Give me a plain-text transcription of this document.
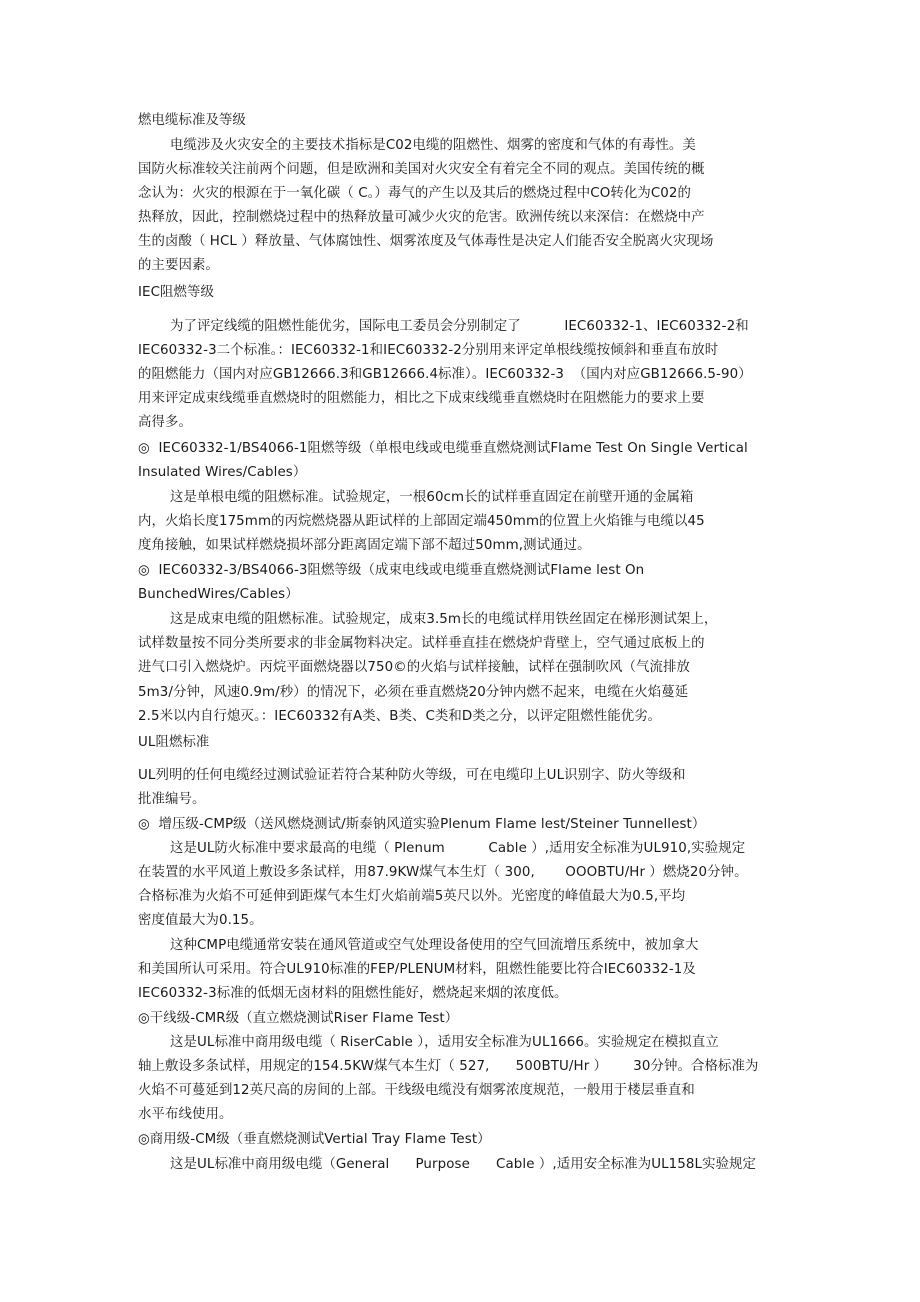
燃电缆标准及等级
电缆涉及火灾安全的主要技术指标是C02电缆的阻燃性、烟雾的密度和气体的有毒性。美
国防火标准较关注前两个问题，但是欧洲和美国对火灾安全有着完全不同的观点。美国传统的概
念认为：火灾的根源在于一氧化碳（ C。）毒气的产生以及其后的燃烧过程中CO转化为C02的
热释放，因此，控制燃烧过程中的热释放量可减少火灾的危害。欧洲传统以来深信：在燃烧中产
生的卤酸（ HCL ）释放量、气体腐蚀性、烟雾浓度及气体毒性是决定人们能否安全脱离火灾现场
的主要因素。
IEC阻燃等级
为了评定线缆的阻燃性能优劣，国际电工委员会分别制定了          IEC60332-1、IEC60332-2和
IEC60332-3二个标准。：IEC60332-1和IEC60332-2分别用来评定单根线缆按倾斜和垂直布放时
的阻燃能力（国内对应GB12666.3和GB12666.4标准）。IEC60332-3  （国内对应GB12666.5-90）
用来评定成束线缆垂直燃烧时的阻燃能力，相比之下成束线缆垂直燃烧时在阻燃能力的要求上要
高得多。
◎  IEC60332-1/BS4066-1阻燃等级（单根电线或电缆垂直燃烧测试Flame Test On Single Vertical
Insulated Wires/Cables）
这是单根电缆的阻燃标准。试验规定，一根60cm长的试样垂直固定在前壁开通的金属箱
内，火焰长度175mm的丙烷燃烧器从距试样的上部固定端450mm的位置上火焰锥与电缆以45
度角接触，如果试样燃烧损坏部分距离固定端下部不超过50mm,测试通过。
◎  IEC60332-3/BS4066-3阻燃等级（成束电线或电缆垂直燃烧测试Flame lest On
BunchedWires/Cables）
这是成束电缆的阻燃标准。试验规定，成束3.5m长的电缆试样用铁丝固定在梯形测试架上，
试样数量按不同分类所要求的非金属物料决定。试样垂直挂在燃烧炉背壁上，空气通过底板上的
进气口引入燃烧炉。丙烷平面燃烧器以750©的火焰与试样接触，试样在强制吹风（气流排放
5m3/分钟，风速0.9m/秒）的情况下，必须在垂直燃烧20分钟内燃不起来，电缆在火焰蔓延
2.5米以内自行熄灭。：IEC60332有A类、B类、C类和D类之分，以评定阻燃性能优劣。
UL阻燃标准
UL列明的任何电缆经过测试验证若符合某种防火等级，可在电缆印上UL识别字、防火等级和
批准编号。
◎  增压级-CMP级（送风燃烧测试/斯泰钠风道实验Plenum Flame lest/Steiner Tunnellest）
这是UL防火标准中要求最高的电缆（ Plenum          Cable ）,适用安全标准为UL910,实验规定
在装置的水平风道上敷设多条试样，用87.9KW煤气本生灯（ 300,       OOOBTU/Hr ）燃烧20分钟。
合格标准为火焰不可延伸到距煤气本生灯火焰前端5英尺以外。光密度的峰值最大为0.5,平均
密度值最大为0.15。
这种CMP电缆通常安装在通风管道或空气处理设备使用的空气回流增压系统中，被加拿大
和美国所认可采用。符合UL910标准的FEP/PLENUM材料，阻燃性能要比符合IEC60332-1及
IEC60332-3标准的低烟无卤材料的阻燃性能好，燃烧起来烟的浓度低。
◎干线级-CMR级（直立燃烧测试Riser Flame Test）
这是UL标准中商用级电缆（ RiserCable ），适用安全标准为UL1666。实验规定在模拟直立
轴上敷设多条试样，用规定的154.5KW煤气本生灯（ 527,      500BTU/Hr ）      30分钟。合格标准为
火焰不可蔓延到12英尺高的房间的上部。干线级电缆没有烟雾浓度规范，一般用于楼层垂直和
水平布线使用。
◎商用级-CM级（垂直燃烧测试Vertial Tray Flame Test）
这是UL标准中商用级电缆（General      Purpose      Cable ）,适用安全标准为UL158L实验规定
